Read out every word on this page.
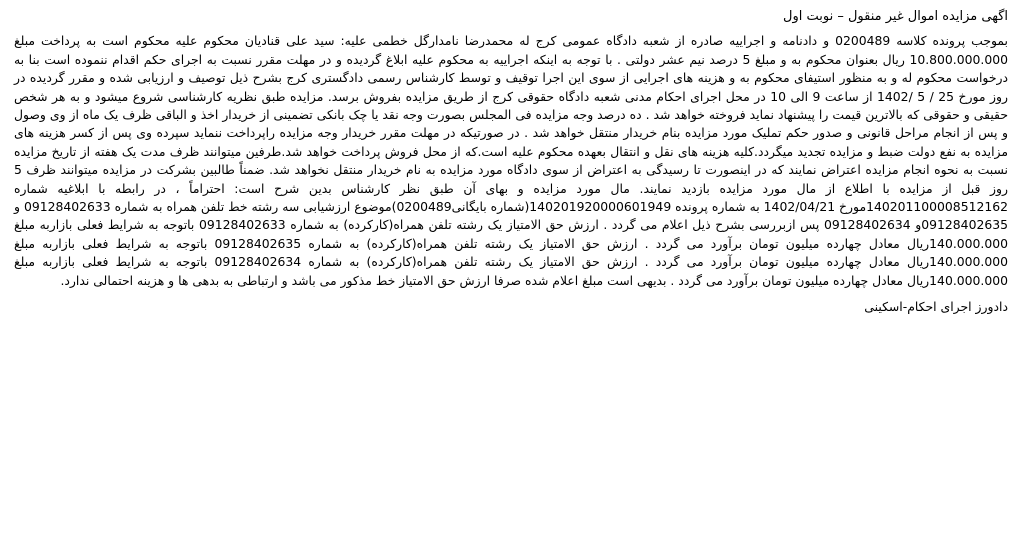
اگهی مزایده اموال غیر منقول – نوبت اول

بموجب پرونده کلاسه 0200489 و دادنامه و اجراییه صادره از شعبه دادگاه عمومی کرج له محمدرضا نامدارگل خطمی علیه: سید علی قنادیان محکوم علیه محکوم است به پرداخت مبلغ 10.800.000.000 ریال بعنوان محکوم به و مبلغ 5 درصد نیم عشر دولتی . با توجه به اینکه اجراییه به محکوم علیه ابلاغ گردیده و در مهلت مقرر نسبت به اجرای حکم اقدام ننموده است بنا به درخواست محکوم له و به منظور استیفای محکوم به و هزینه های اجرایی از سوی این اجرا توقیف و توسط کارشناس رسمی دادگستری کرج بشرح ذیل توصیف و ارزیابی شده و مقرر گردیده در روز مورخ 25 / 5 /1402 از ساعت 9 الی 10 در محل اجرای احکام مدنی شعبه دادگاه حقوقی کرج از طریق مزایده بفروش برسد. مزایده طبق نظریه کارشناسی شروع میشود و به هر شخص حقیقی و حقوقی که بالاترین قیمت را پیشنهاد نماید فروخته خواهد شد . ده درصد وجه مزایده فی المجلس بصورت وجه نقد یا چک بانکی تضمینی از خریدار اخذ و الباقی ظرف یک ماه از وی وصول و پس از انجام مراحل قانونی و صدور حکم تملیک مورد مزایده بنام خریدار منتقل خواهد شد . در صورتیکه در مهلت مقرر خریدار وجه مزایده راپرداخت ننماید سپرده وی پس از کسر هزینه های مزایده به نفع دولت ضبط و مزایده تجدید میگردد.کلیه هزینه های نقل و انتقال بعهده محکوم علیه است.که از محل فروش پرداخت خواهد شد.طرفین میتوانند ظرف مدت یک هفته از تاریخ مزایده نسبت به نحوه انجام مزایده اعتراض نمایند که در اینصورت تا رسیدگی به اعتراض از سوی دادگاه مورد مزایده به نام خریدار منتقل نخواهد شد. ضمناً طالبین بشرکت در مزایده میتوانند ظرف 5 روز قبل از مزایده با اطلاع از مال مورد مزایده بازدید نمایند. مال مورد مزایده و بهای آن طبق نظر کارشناس بدین شرح است: احتراماً ، در رابطه با ابلاغیه شماره 140201100008512162مورخ 1402/04/21 به شماره پرونده 140201920000601949(شماره بایگانی0200489)موضوع ارزشیابی سه رشته خط تلفن همراه به شماره 09128402633 و 09128402635و 09128402634 پس ازبررسی بشرح ذیل اعلام می گردد . ارزش حق الامتیاز یک رشته تلفن همراه(کارکرده) به شماره 09128402633 باتوجه به شرایط فعلی بازاربه مبلغ 140.000.000ریال معادل چهارده میلیون تومان برآورد می گردد . ارزش حق الامتیاز یک رشته تلفن همراه(کارکرده) به شماره 09128402635 باتوجه به شرایط فعلی بازاربه مبلغ 140.000.000ریال معادل چهارده میلیون تومان برآورد می گردد . ارزش حق الامتیاز یک رشته تلفن همراه(کارکرده) به شماره 09128402634 باتوجه به شرایط فعلی بازاربه مبلغ 140.000.000ریال معادل چهارده میلیون تومان برآورد می گردد . بدیهی است مبلغ اعلام شده صرفا ارزش حق الامتیاز خط مذکور می باشد و ارتباطی به بدهی ها و هزینه احتمالی ندارد.

دادورز اجرای احکام-اسکینی
